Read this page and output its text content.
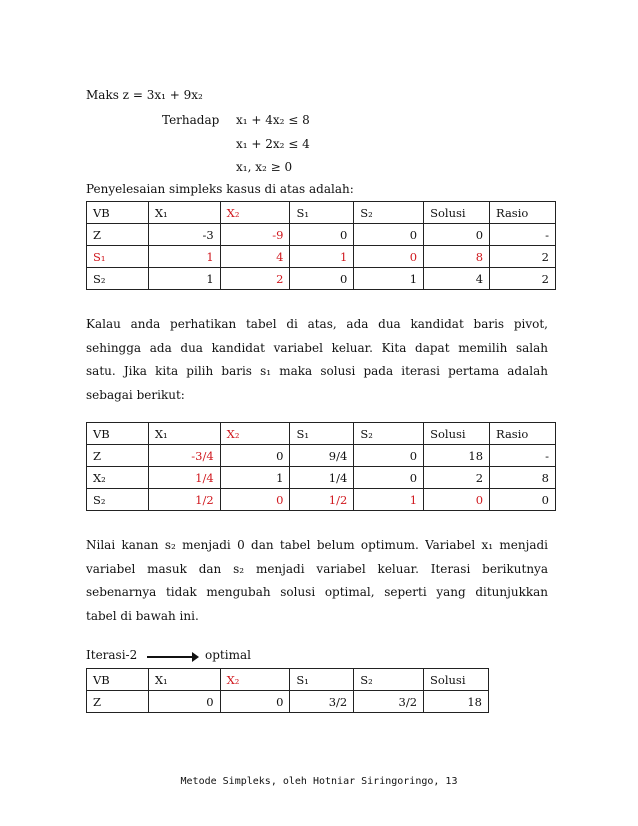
Maks z = 3x₁ + 9x₂
Terhadap x₁ + 4x₂ ≤ 8
x₁ + 2x₂ ≤ 4
x₁, x₂ ≥ 0
Penyelesaian simpleks kasus di atas adalah:
VB	X₁	X₂	S₁	S₂	Solusi	Rasio
Z	-3	-9	0	0	0	-
S₁	1	4	1	0	8	2
S₂	1	2	0	1	4	2
Kalau anda perhatikan tabel di atas, ada dua kandidat baris pivot,
sehingga ada dua kandidat variabel keluar. Kita dapat memilih salah
satu. Jika kita pilih baris s₁ maka solusi pada iterasi pertama adalah
sebagai berikut:
VB	X₁	X₂	S₁	S₂	Solusi	Rasio
Z	-3/4	0	9/4	0	18	-
X₂	1/4	1	1/4	0	2	8
S₂	1/2	0	1/2	1	0	0
Nilai kanan s₂ menjadi 0 dan tabel belum optimum. Variabel x₁ menjadi
variabel masuk dan s₂ menjadi variabel keluar. Iterasi berikutnya
sebenarnya tidak mengubah solusi optimal, seperti yang ditunjukkan
tabel di bawah ini.
Iterasi-2	optimal
VB	X₁	X₂	S₁	S₂	Solusi
Z	0	0	3/2	3/2	18
Metode Simpleks, oleh Hotniar Siringoringo, 13
